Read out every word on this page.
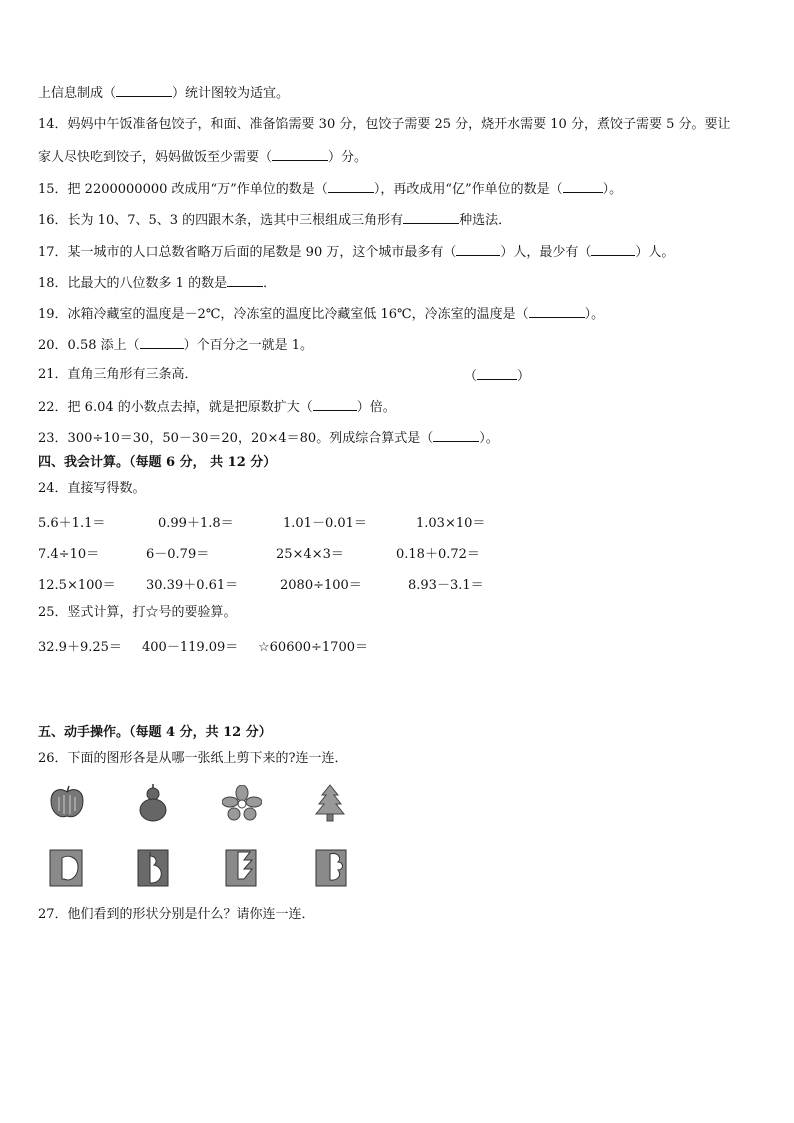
上信息制成（	）统计图较为适宜。
14．妈妈中午饭准备包饺子，和面、准备馅需要 30 分，包饺子需要 25 分，烧开水需要 10 分，煮饺子需要 5 分。要让
家人尽快吃到饺子，妈妈做饭至少需要（	）分。
15．把 2200000000 改成用“万”作单位的数是（	），再改成用“亿”作单位的数是（	）。
16．长为 10、7、5、3 的四跟木条，选其中三根组成三角形有	种选法．
17．某一城市的人口总数省略万后面的尾数是 90 万，这个城市最多有（	）人，最少有（	）人。
18．比最大的八位数多 1 的数是	．
19．冰箱冷藏室的温度是－2℃，冷冻室的温度比冷藏室低 16℃，冷冻室的温度是（	）。
20．0.58 添上（	）个百分之一就是 1。
21．直角三角形有三条高．	（	）
22．把 6.04 的小数点去掉，就是把原数扩大（	）倍。
23．300÷10＝30，50－30＝20，20×4＝80。列成综合算式是（	）。
四、我会计算。（每题 6 分， 共 12 分）
24．直接写得数。
5.6＋1.1＝	0.99＋1.8＝	1.01－0.01＝	1.03×10＝
7.4÷10＝	6－0.79＝	25×4×3＝	0.18＋0.72＝
12.5×100＝ 30.39＋0.61＝	2080÷100＝	8.93－3.1＝
25．竖式计算，打☆号的要验算。
32.9＋9.25＝ 400－119.09＝ ☆60600÷1700＝
五、动手操作。（每题 4 分，共 12 分）
26．下面的图形各是从哪一张纸上剪下来的?连一连．
27．他们看到的形状分别是什么？请你连一连．
